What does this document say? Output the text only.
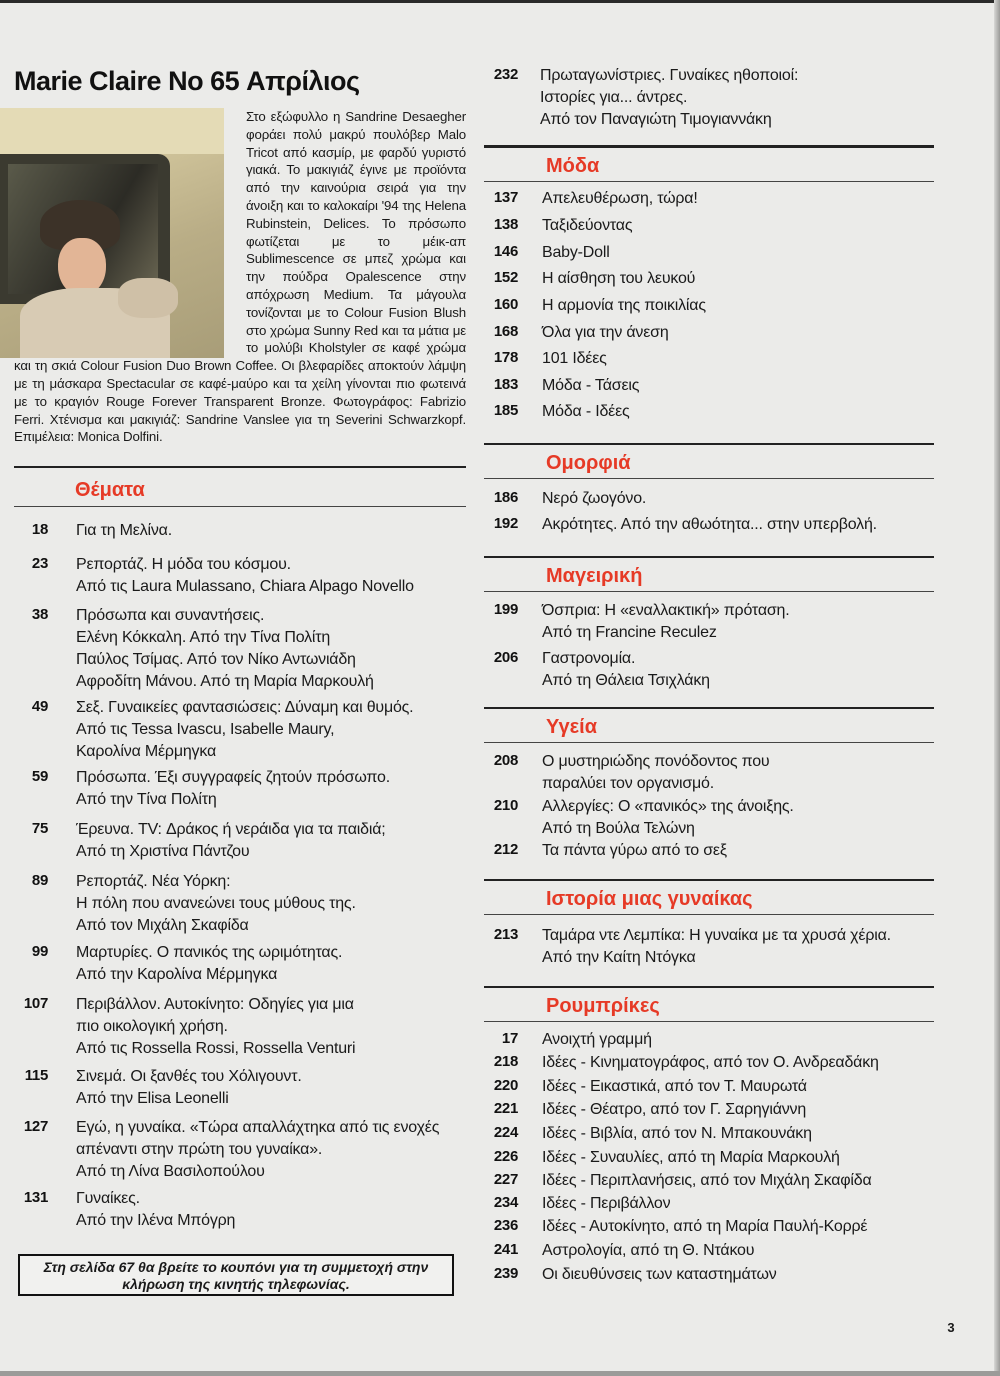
Marie Claire No 65 Απρίλιος

Στο εξώφυλλο η Sandrine Desaegher φοράει πολύ μακρύ πουλόβερ Malo Tricot από κασμίρ, με φαρδύ γυριστό γιακά. Το μακιγιάζ έγινε με προϊόντα από την καινούρια σειρά για την άνοιξη και το καλοκαίρι '94 της Helena Rubinstein, Delices. Το πρόσωπο φωτίζεται με το μέικ-απ Sublimescence σε μπεζ χρώμα και την πούδρα Opalescence στην απόχρωση Medium. Τα μάγουλα τονίζονται με το Colour Fusion Blush στο χρώμα Sunny Red και τα μάτια με το μολύβι Kholstyler σε καφέ χρώμα και τη σκιά Colour Fusion Duo Brown Coffee. Οι βλεφαρίδες αποκτούν λάμψη με τη μάσκαρα Spectacular σε καφέ-μαύρο και τα χείλη γίνονται πιο φωτεινά με το κραγιόν Rouge Forever Transparent Bronze. Φωτογράφος: Fabrizio Ferri. Χτένισμα και μακιγιάζ: Sandrine Vanslee για τη Severini Schwarzkopf. Επιμέλεια: Monica Dolfini.

Θέματα
18 Για τη Μελίνα.
23 Ρεπορτάζ. Η μόδα του κόσμου.
Από τις Laura Mulassano, Chiara Alpago Novello
38 Πρόσωπα και συναντήσεις.
Ελένη Κόκκαλη. Από την Τίνα Πολίτη
Παύλος Τσίμας. Από τον Νίκο Αντωνιάδη
Αφροδίτη Μάνου. Από τη Μαρία Μαρκουλή
49 Σεξ. Γυναικείες φαντασιώσεις: Δύναμη και θυμός.
Από τις Tessa Ivascu, Isabelle Maury,
Καρολίνα Μέρμηγκα
59 Πρόσωπα. Έξι συγγραφείς ζητούν πρόσωπο.
Από την Τίνα Πολίτη
75 Έρευνα. TV: Δράκος ή νεράιδα για τα παιδιά;
Από τη Χριστίνα Πάντζου
89 Ρεπορτάζ. Νέα Υόρκη:
Η πόλη που ανανεώνει τους μύθους της.
Από τον Μιχάλη Σκαφίδα
99 Μαρτυρίες. Ο πανικός της ωριμότητας.
Από την Καρολίνα Μέρμηγκα
107 Περιβάλλον. Αυτοκίνητο: Οδηγίες για μια
πιο οικολογική χρήση.
Από τις Rossella Rossi, Rossella Venturi
115 Σινεμά. Οι ξανθές του Χόλιγουντ.
Από την Elisa Leonelli
127 Εγώ, η γυναίκα. «Τώρα απαλλάχτηκα από τις ενοχές
απέναντι στην πρώτη του γυναίκα».
Από τη Λίνα Βασιλοπούλου
131 Γυναίκες.
Από την Ιλένα Μπόγρη
Στη σελίδα 67 θα βρείτε το κουπόνι για τη συμμετοχή στην κλήρωση της κινητής τηλεφωνίας.
232 Πρωταγωνίστριες. Γυναίκες ηθοποιοί:
Ιστορίες για... άντρες.
Από τον Παναγιώτη Τιμογιαννάκη
Μόδα
137 Απελευθέρωση, τώρα!
138 Ταξιδεύοντας
146 Baby-Doll
152 Η αίσθηση του λευκού
160 Η αρμονία της ποικιλίας
168 Όλα για την άνεση
178 101 Ιδέες
183 Μόδα - Τάσεις
185 Μόδα - Ιδέες
Ομορφιά
186 Νερό ζωογόνο.
192 Ακρότητες. Από την αθωότητα... στην υπερβολή.
Μαγειρική
199 Όσπρια: Η «εναλλακτική» πρόταση.
Από τη Francine Reculez
206 Γαστρονομία.
Από τη Θάλεια Τσιχλάκη
Υγεία
208 Ο μυστηριώδης πονόδοντος που
παραλύει τον οργανισμό.
210 Αλλεργίες: Ο «πανικός» της άνοιξης.
Από τη Βούλα Τελώνη
212 Τα πάντα γύρω από το σεξ
Ιστορία μιας γυναίκας
213 Ταμάρα ντε Λεμπίκα: Η γυναίκα με τα χρυσά χέρια.
Από την Καίτη Ντόγκα
Ρουμπρίκες
17 Ανοιχτή γραμμή
218 Ιδέες - Κινηματογράφος, από τον Ο. Ανδρεαδάκη
220 Ιδέες - Εικαστικά, από τον Τ. Μαυρωτά
221 Ιδέες - Θέατρο, από τον Γ. Σαρηγιάννη
224 Ιδέες - Βιβλία, από τον Ν. Μπακουνάκη
226 Ιδέες - Συναυλίες, από τη Μαρία Μαρκουλή
227 Ιδέες - Περιπλανήσεις, από τον Μιχάλη Σκαφίδα
234 Ιδέες - Περιβάλλον
236 Ιδέες - Αυτοκίνητο, από τη Μαρία Παυλή-Κορρέ
241 Αστρολογία, από τη Θ. Ντάκου
239 Οι διευθύνσεις των καταστημάτων
3
